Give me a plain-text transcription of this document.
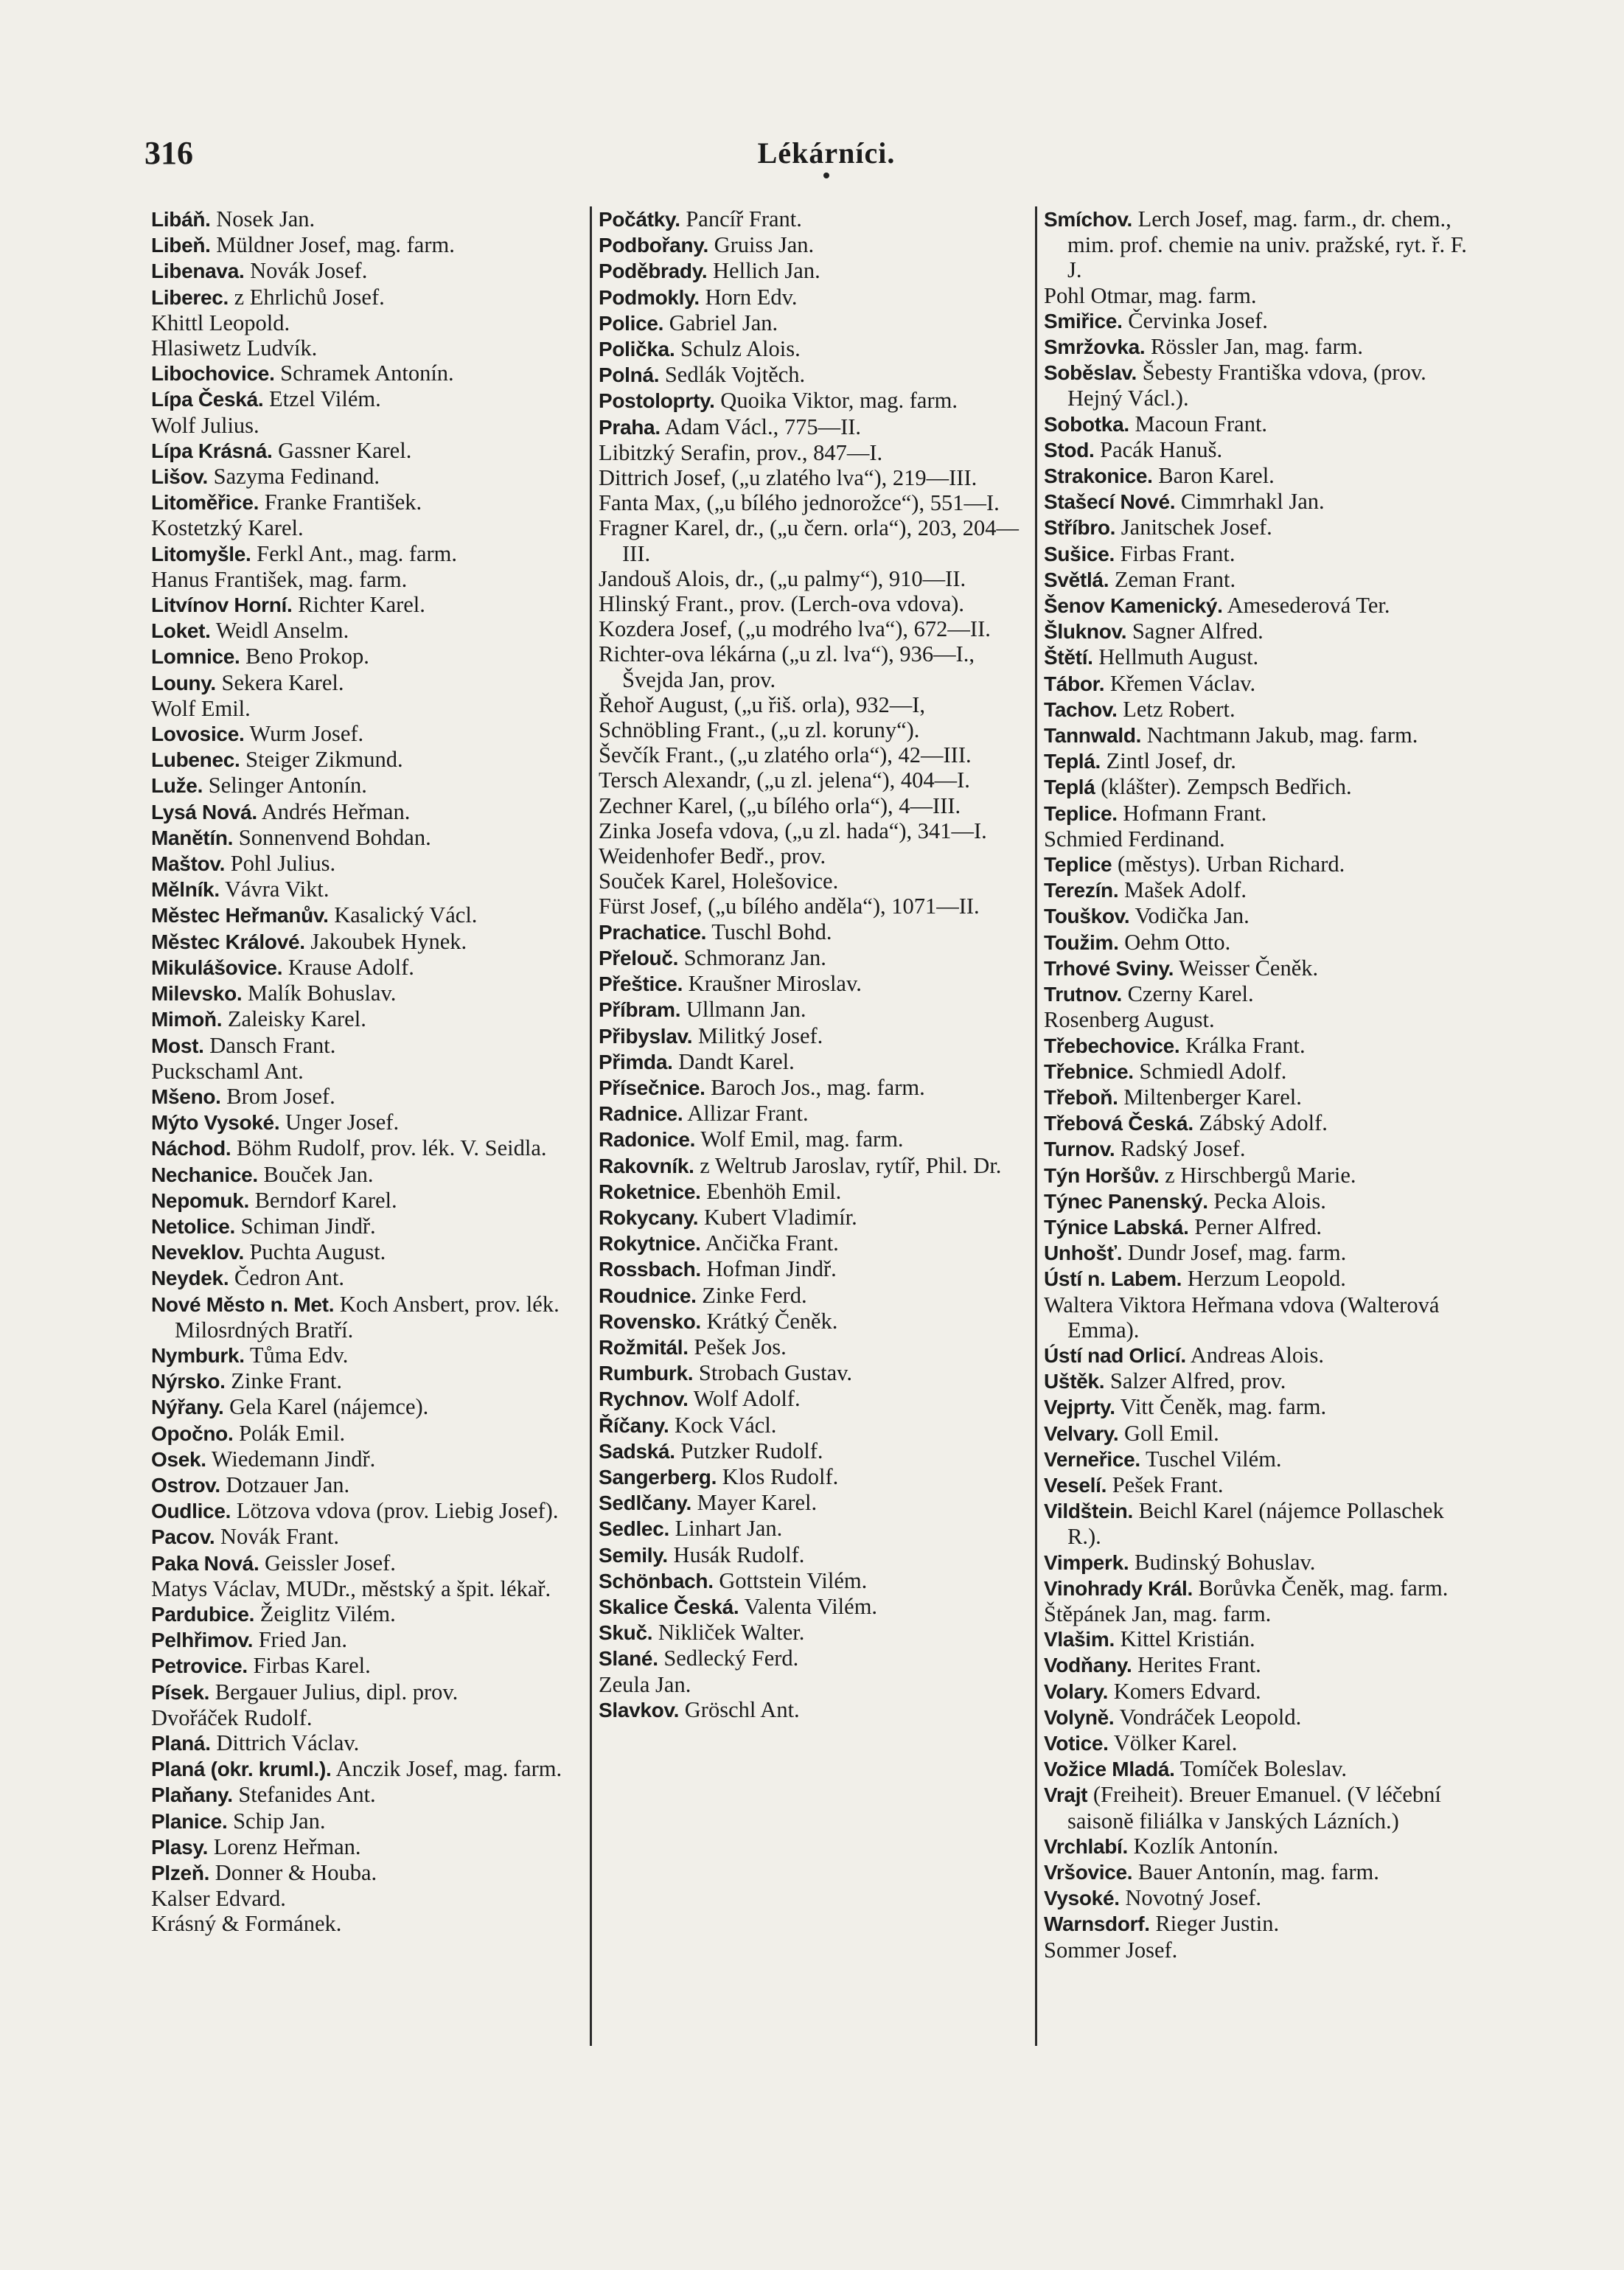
316	Lékárníci.

Libáň. Nosek Jan.

Libeň. Müldner Josef, mag. farm.

Libenava. Novák Josef.

Liberec. z Ehrlichů Josef.
Khittl Leopold.
Hlasiwetz Ludvík.

Libochovice. Schramek Antonín.

Lípa Česká. Etzel Vilém.
Wolf Julius.

Lípa Krásná. Gassner Karel.

Lišov. Sazyma Fedinand.

Litoměřice. Franke František.
Kostetzký Karel.

Litomyšle. Ferkl Ant., mag. farm.
Hanus František, mag. farm.

Litvínov Horní. Richter Karel.

Loket. Weidl Anselm.

Lomnice. Beno Prokop.

Louny. Sekera Karel.
Wolf Emil.

Lovosice. Wurm Josef.

Lubenec. Steiger Zikmund.

Luže. Selinger Antonín.

Lysá Nová. Andrés Heřman.

Manětín. Sonnenvend Bohdan.

Maštov. Pohl Julius.

Mělník. Vávra Vikt.

Městec Heřmanův. Kasalický Václ.

Městec Králové. Jakoubek Hynek.

Mikulášovice. Krause Adolf.

Milevsko. Malík Bohuslav.

Mimoň. Zaleisky Karel.

Most. Dansch Frant.
Puckschaml Ant.

Mšeno. Brom Josef.

Mýto Vysoké. Unger Josef.

Náchod. Böhm Rudolf, prov. lék. V. Seidla.

Nechanice. Bouček Jan.

Nepomuk. Berndorf Karel.

Netolice. Schiman Jindř.

Neveklov. Puchta August.

Neydek. Čedron Ant.

Nové Město n. Met. Koch Ansbert, prov. lék. Milosrdných Bratří.

Nymburk. Tůma Edv.

Nýrsko. Zinke Frant.

Nýřany. Gela Karel (nájemce).

Opočno. Polák Emil.

Osek. Wiedemann Jindř.

Ostrov. Dotzauer Jan.

Oudlice. Lötzova vdova (prov. Liebig Josef).

Pacov. Novák Frant.

Paka Nová. Geissler Josef.
Matys Václav, MUDr., městský a špit. lékař.

Pardubice. Žeiglitz Vilém.

Pelhřimov. Fried Jan.

Petrovice. Firbas Karel.

Písek. Bergauer Julius, dipl. prov.
Dvořáček Rudolf.

Planá. Dittrich Václav.

Planá (okr. kruml.). Anczik Josef, mag. farm.

Plaňany. Stefanides Ant.

Planice. Schip Jan.

Plasy. Lorenz Heřman.

Plzeň. Donner & Houba.
Kalser Edvard.
Krásný & Formánek.

Počátky. Pancíř Frant.

Podbořany. Gruiss Jan.

Poděbrady. Hellich Jan.

Podmokly. Horn Edv.

Police. Gabriel Jan.

Polička. Schulz Alois.

Polná. Sedlák Vojtěch.

Postoloprty. Quoika Viktor, mag. farm.

Praha. Adam Václ., 775—II.
Libitzký Serafin, prov., 847—I.
Dittrich Josef, („u zlatého lva“), 219—III.
Fanta Max, („u bílého jednorožce“), 551—I.
Fragner Karel, dr., („u čern. orla“), 203, 204—III.
Jandouš Alois, dr., („u palmy“), 910—II.
Hlinský Frant., prov. (Lerch-ova vdova).
Kozdera Josef, („u modrého lva“), 672—II.
Richter-ova lékárna („u zl. lva“), 936—I., Švejda Jan, prov.
Řehoř August, („u řiš. orla), 932—I,
Schnöbling Frant., („u zl. koruny“).
Ševčík Frant., („u zlatého orla“), 42—III.
Tersch Alexandr, („u zl. jelena“), 404—I.
Zechner Karel, („u bílého orla“), 4—III.
Zinka Josefa vdova, („u zl. hada“), 341—I.
Weidenhofer Bedř., prov.
Souček Karel, Holešovice.
Fürst Josef, („u bílého anděla“), 1071—II.

Prachatice. Tuschl Bohd.

Přelouč. Schmoranz Jan.

Přeštice. Kraušner Miroslav.

Příbram. Ullmann Jan.

Přibyslav. Militký Josef.

Přimda. Dandt Karel.

Přísečnice. Baroch Jos., mag. farm.

Radnice. Allizar Frant.

Radonice. Wolf Emil, mag. farm.

Rakovník. z Weltrub Jaroslav, rytíř, Phil. Dr.

Roketnice. Ebenhöh Emil.

Rokycany. Kubert Vladimír.

Rokytnice. Ančička Frant.

Rossbach. Hofman Jindř.

Roudnice. Zinke Ferd.

Rovensko. Krátký Čeněk.

Rožmitál. Pešek Jos.

Rumburk. Strobach Gustav.

Rychnov. Wolf Adolf.

Říčany. Kock Václ.

Sadská. Putzker Rudolf.

Sangerberg. Klos Rudolf.

Sedlčany. Mayer Karel.

Sedlec. Linhart Jan.

Semily. Husák Rudolf.

Schönbach. Gottstein Vilém.

Skalice Česká. Valenta Vilém.

Skuč. Nikliček Walter.

Slané. Sedlecký Ferd.
Zeula Jan.

Slavkov. Gröschl Ant.

Smíchov. Lerch Josef, mag. farm., dr. chem., mim. prof. chemie na univ. pražské, ryt. ř. F. J.
Pohl Otmar, mag. farm.

Smiřice. Červinka Josef.

Smržovka. Rössler Jan, mag. farm.

Soběslav. Šebesty Františka vdova, (prov. Hejný Václ.).

Sobotka. Macoun Frant.

Stod. Pacák Hanuš.

Strakonice. Baron Karel.

Stašecí Nové. Cimmrhakl Jan.

Stříbro. Janitschek Josef.

Sušice. Firbas Frant.

Světlá. Zeman Frant.

Šenov Kamenický. Amesederová Ter.

Šluknov. Sagner Alfred.

Štětí. Hellmuth August.

Tábor. Křemen Václav.

Tachov. Letz Robert.

Tannwald. Nachtmann Jakub, mag. farm.

Teplá. Zintl Josef, dr.

Teplá (klášter). Zempsch Bedřich.

Teplice. Hofmann Frant.
Schmied Ferdinand.

Teplice (městys). Urban Richard.

Terezín. Mašek Adolf.

Touškov. Vodička Jan.

Toužim. Oehm Otto.

Trhové Sviny. Weisser Čeněk.

Trutnov. Czerny Karel.
Rosenberg August.

Třebechovice. Králka Frant.

Třebnice. Schmiedl Adolf.

Třeboň. Miltenberger Karel.

Třebová Česká. Zábský Adolf.

Turnov. Radský Josef.

Týn Horšův. z Hirschbergů Marie.

Týnec Panenský. Pecka Alois.

Týnice Labská. Perner Alfred.

Unhošť. Dundr Josef, mag. farm.

Ústí n. Labem. Herzum Leopold.
Waltera Viktora Heřmana vdova (Walterová Emma).

Ústí nad Orlicí. Andreas Alois.

Uštěk. Salzer Alfred, prov.

Vejprty. Vitt Čeněk, mag. farm.

Velvary. Goll Emil.

Verneřice. Tuschel Vilém.

Veselí. Pešek Frant.

Vildštein. Beichl Karel (nájemce Pollaschek R.).

Vimperk. Budinský Bohuslav.

Vinohrady Král. Borůvka Čeněk, mag. farm.
Štěpánek Jan, mag. farm.

Vlašim. Kittel Kristián.

Vodňany. Herites Frant.

Volary. Komers Edvard.

Volyně. Vondráček Leopold.

Votice. Völker Karel.

Vožice Mladá. Tomíček Boleslav.

Vrajt (Freiheit). Breuer Emanuel. (V léčební saisonĕ filiálka v Janských Lázních.)

Vrchlabí. Kozlík Antonín.

Vršovice. Bauer Antonín, mag. farm.

Vysoké. Novotný Josef.

Warnsdorf. Rieger Justin.
Sommer Josef.
